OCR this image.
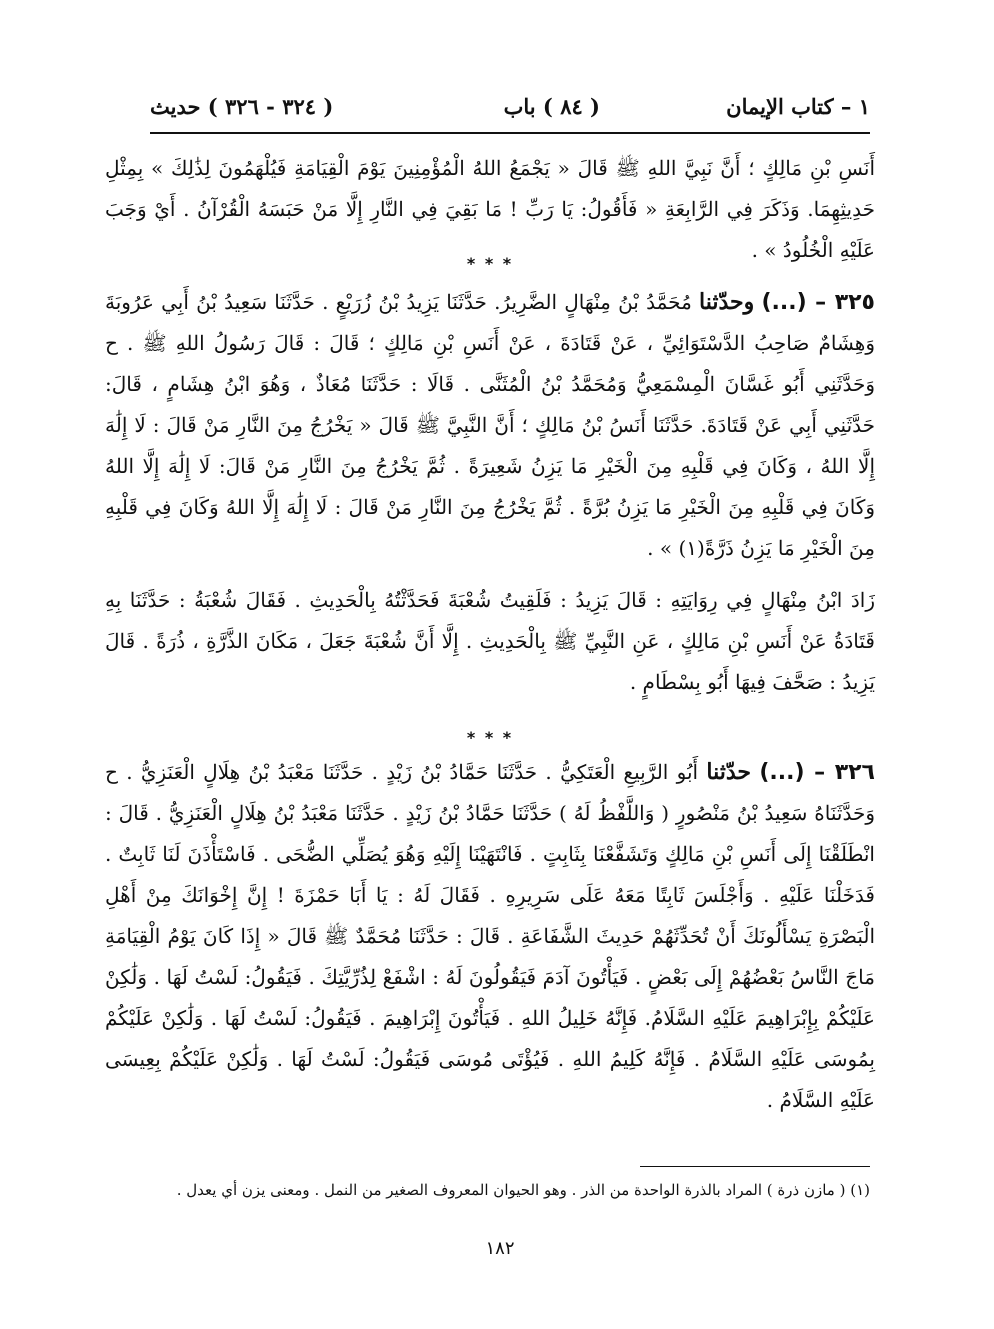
١ – كتاب الإيمان
( ٨٤ ) باب
( ٣٢٤ - ٣٢٦ ) حديث
أَنَسِ بْنِ مَالِكٍ ؛ أَنَّ نَبِيَّ اللهِ ﷺ قَالَ « يَجْمَعُ اللهُ الْمُؤْمِنِينَ يَوْمَ الْقِيَامَةِ فَيُلْهَمُونَ لِذَٰلِكَ » بِمِثْلِ حَدِيثِهِمَا. وَذَكَرَ فِي الرَّابِعَةِ « فَأَقُولُ: يَا رَبِّ ! مَا بَقِيَ فِي النَّارِ إِلَّا مَنْ حَبَسَهُ الْقُرْآنُ . أَيْ وَجَبَ عَلَيْهِ الْخُلُودُ » .
* * *
٣٢٥ – (...) وحدّثنا مُحَمَّدُ بْنُ مِنْهَالٍ الضَّرِيرُ. حَدَّثَنَا يَزِيدُ بْنُ زُرَيْعٍ . حَدَّثَنَا سَعِيدُ بْنُ أَبِي عَرُوبَةَ وَهِشَامٌ صَاحِبُ الدَّسْتَوَائِيِّ ، عَنْ قَتَادَةَ ، عَنْ أَنَسِ بْنِ مَالِكٍ ؛ قَالَ : قَالَ رَسُولُ اللهِ ﷺ . ح وَحَدَّثَنِي أَبُو غَسَّانَ الْمِسْمَعِيُّ وَمُحَمَّدُ بْنُ الْمُثَنَّى . قَالَا : حَدَّثَنَا مُعَاذٌ ، وَهُوَ ابْنُ هِشَامٍ ، قَالَ: حَدَّثَنِي أَبِي عَنْ قَتَادَةَ. حَدَّثَنَا أَنَسُ بْنُ مَالِكٍ ؛ أَنَّ النَّبِيَّ ﷺ قَالَ « يَخْرُجُ مِنَ النَّارِ مَنْ قَالَ : لَا إِلَٰهَ إِلَّا اللهُ ، وَكَانَ فِي قَلْبِهِ مِنَ الْخَيْرِ مَا يَزِنُ شَعِيرَةً . ثُمَّ يَخْرُجُ مِنَ النَّارِ مَنْ قَالَ: لَا إِلَٰهَ إِلَّا اللهُ وَكَانَ فِي قَلْبِهِ مِنَ الْخَيْرِ مَا يَزِنُ بُرَّةً . ثُمَّ يَخْرُجُ مِنَ النَّارِ مَنْ قَالَ : لَا إِلَٰهَ إِلَّا اللهُ وَكَانَ فِي قَلْبِهِ مِنَ الْخَيْرِ مَا يَزِنُ ذَرَّةً(١) » .
زَادَ ابْنُ مِنْهَالٍ فِي رِوَايَتِهِ : قَالَ يَزِيدُ : فَلَقِيتُ شُعْبَةَ فَحَدَّثْتُهُ بِالْحَدِيثِ . فَقَالَ شُعْبَةُ : حَدَّثَنَا بِهِ قَتَادَةُ عَنْ أَنَسِ بْنِ مَالِكٍ ، عَنِ النَّبِيِّ ﷺ بِالْحَدِيثِ . إِلَّا أَنَّ شُعْبَةَ جَعَلَ ، مَكَانَ الذَّرَّةِ ، ذُرَةً . قَالَ يَزِيدُ : صَحَّفَ فِيهَا أَبُو بِسْطَامٍ .
* * *
٣٢٦ – (...) حدّثنا أَبُو الرَّبِيعِ الْعَتَكِيُّ . حَدَّثَنَا حَمَّادُ بْنُ زَيْدٍ . حَدَّثَنَا مَعْبَدُ بْنُ هِلَالٍ الْعَنَزِيُّ . ح وَحَدَّثَنَاهُ سَعِيدُ بْنُ مَنْصُورٍ ( وَاللَّفْظُ لَهُ ) حَدَّثَنَا حَمَّادُ بْنُ زَيْدٍ . حَدَّثَنَا مَعْبَدُ بْنُ هِلَالٍ الْعَنَزِيُّ . قَالَ : انْطَلَقْنَا إِلَى أَنَسِ بْنِ مَالِكٍ وَتَشَفَّعْنَا بِثَابِتٍ . فَانْتَهَيْنَا إِلَيْهِ وَهُوَ يُصَلِّي الضُّحَى . فَاسْتَأْذَنَ لَنَا ثَابِتٌ . فَدَخَلْنَا عَلَيْهِ . وَأَجْلَسَ ثَابِتًا مَعَهُ عَلَى سَرِيرِهِ . فَقَالَ لَهُ : يَا أَبَا حَمْزَةَ ! إِنَّ إِخْوَانَكَ مِنْ أَهْلِ الْبَصْرَةِ يَسْأَلُونَكَ أَنْ تُحَدِّثَهُمْ حَدِيثَ الشَّفَاعَةِ . قَالَ : حَدَّثَنَا مُحَمَّدٌ ﷺ قَالَ « إِذَا كَانَ يَوْمُ الْقِيَامَةِ مَاجَ النَّاسُ بَعْضُهُمْ إِلَى بَعْضٍ . فَيَأْتُونَ آدَمَ فَيَقُولُونَ لَهُ : اشْفَعْ لِذُرِّيَّتِكَ . فَيَقُولُ: لَسْتُ لَهَا . وَلَٰكِنْ عَلَيْكُمْ بِإِبْرَاهِيمَ عَلَيْهِ السَّلَامُ. فَإِنَّهُ خَلِيلُ اللهِ . فَيَأْتُونَ إِبْرَاهِيمَ . فَيَقُولُ: لَسْتُ لَهَا . وَلَٰكِنْ عَلَيْكُمْ بِمُوسَى عَلَيْهِ السَّلَامُ . فَإِنَّهُ كَلِيمُ اللهِ . فَيُؤْتَى مُوسَى فَيَقُولُ: لَسْتُ لَهَا . وَلَٰكِنْ عَلَيْكُمْ بِعِيسَى عَلَيْهِ السَّلَامُ .
(١) ( مازن ذرة ) المراد بالذرة الواحدة من الذر . وهو الحيوان المعروف الصغير من النمل . ومعنى يزن أي يعدل .
١٨٢
